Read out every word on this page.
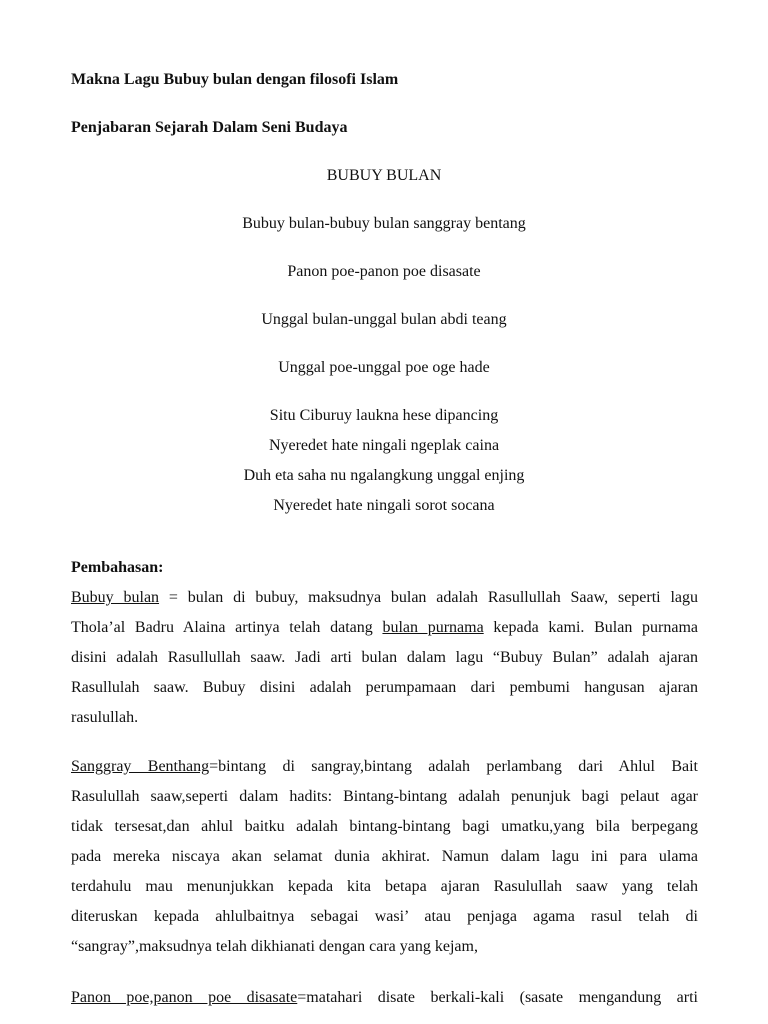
Makna Lagu Bubuy bulan dengan filosofi Islam

Penjabaran Sejarah Dalam Seni Budaya

BUBUY BULAN

Bubuy bulan-bubuy bulan sanggray bentang

Panon poe-panon poe disasate

Unggal bulan-unggal bulan abdi teang

Unggal poe-unggal poe oge hade

Situ Ciburuy laukna hese dipancing

Nyeredet hate ningali ngeplak caina

Duh eta saha nu ngalangkung unggal enjing

Nyeredet hate ningali sorot socana

Pembahasan:

Bubuy bulan = bulan di bubuy, maksudnya bulan adalah Rasullullah Saaw, seperti lagu
Thola’al Badru Alaina artinya telah datang bulan purnama kepada kami. Bulan purnama
disini adalah Rasullullah saaw. Jadi arti bulan dalam lagu “Bubuy Bulan” adalah ajaran
Rasullulah saaw. Bubuy disini adalah perumpamaan dari pembumi hangusan ajaran
rasulullah.
Sanggray Benthang=bintang di sangray,bintang adalah perlambang dari Ahlul Bait
Rasulullah saaw,seperti dalam hadits: Bintang-bintang adalah penunjuk bagi pelaut agar
tidak tersesat,dan ahlul baitku adalah bintang-bintang bagi umatku,yang bila berpegang
pada mereka niscaya akan selamat dunia akhirat. Namun dalam lagu ini para ulama
terdahulu mau menunjukkan kepada kita betapa ajaran Rasulullah saaw yang telah
diteruskan kepada ahlulbaitnya sebagai wasi’ atau penjaga agama rasul telah di
“sangray”,maksudnya telah dikhianati dengan cara yang kejam,
Panon poe,panon poe disasate=matahari disate berkali-kali (sasate mengandung arti
